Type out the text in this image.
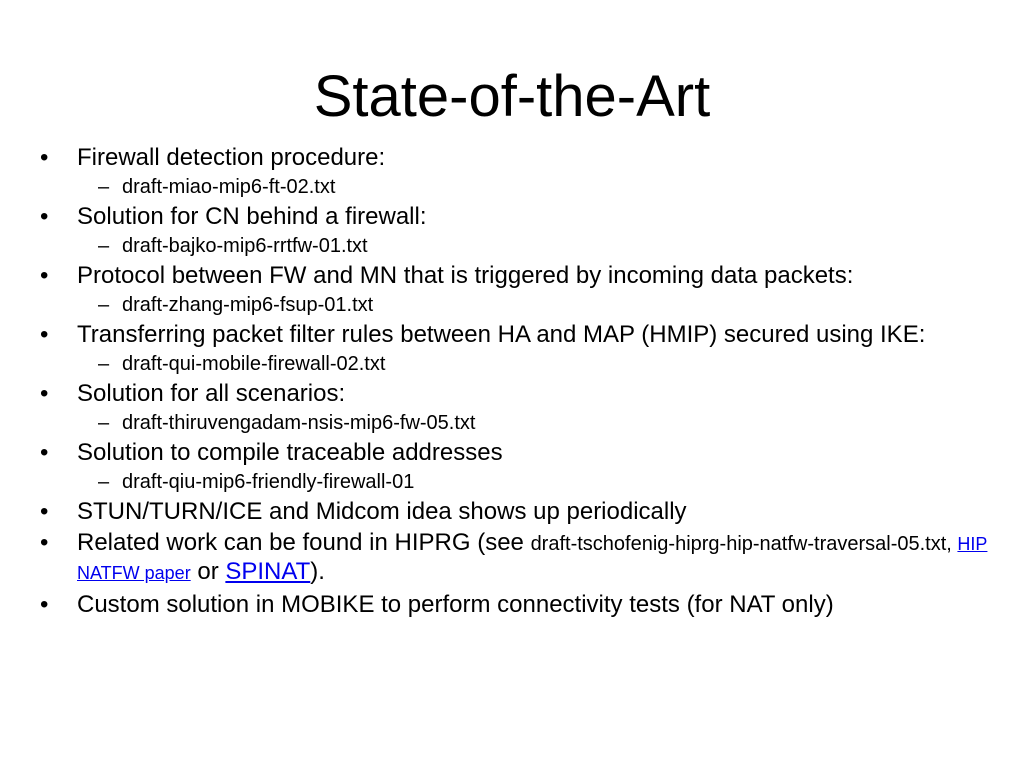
State-of-the-Art
• Firewall detection procedure:
– draft-miao-mip6-ft-02.txt
• Solution for CN behind a firewall:
– draft-bajko-mip6-rrtfw-01.txt
• Protocol between FW and MN that is triggered by incoming data packets:
– draft-zhang-mip6-fsup-01.txt
• Transferring packet filter rules between HA and MAP (HMIP) secured using IKE:
– draft-qui-mobile-firewall-02.txt
• Solution for all scenarios:
– draft-thiruvengadam-nsis-mip6-fw-05.txt
• Solution to compile traceable addresses
– draft-qiu-mip6-friendly-firewall-01
• STUN/TURN/ICE and Midcom idea shows up periodically
• Related work can be found in HIPRG (see draft-tschofenig-hiprg-hip-natfw-traversal-05.txt, HIP NATFW paper or SPINAT).
• Custom solution in MOBIKE to perform connectivity tests (for NAT only)
